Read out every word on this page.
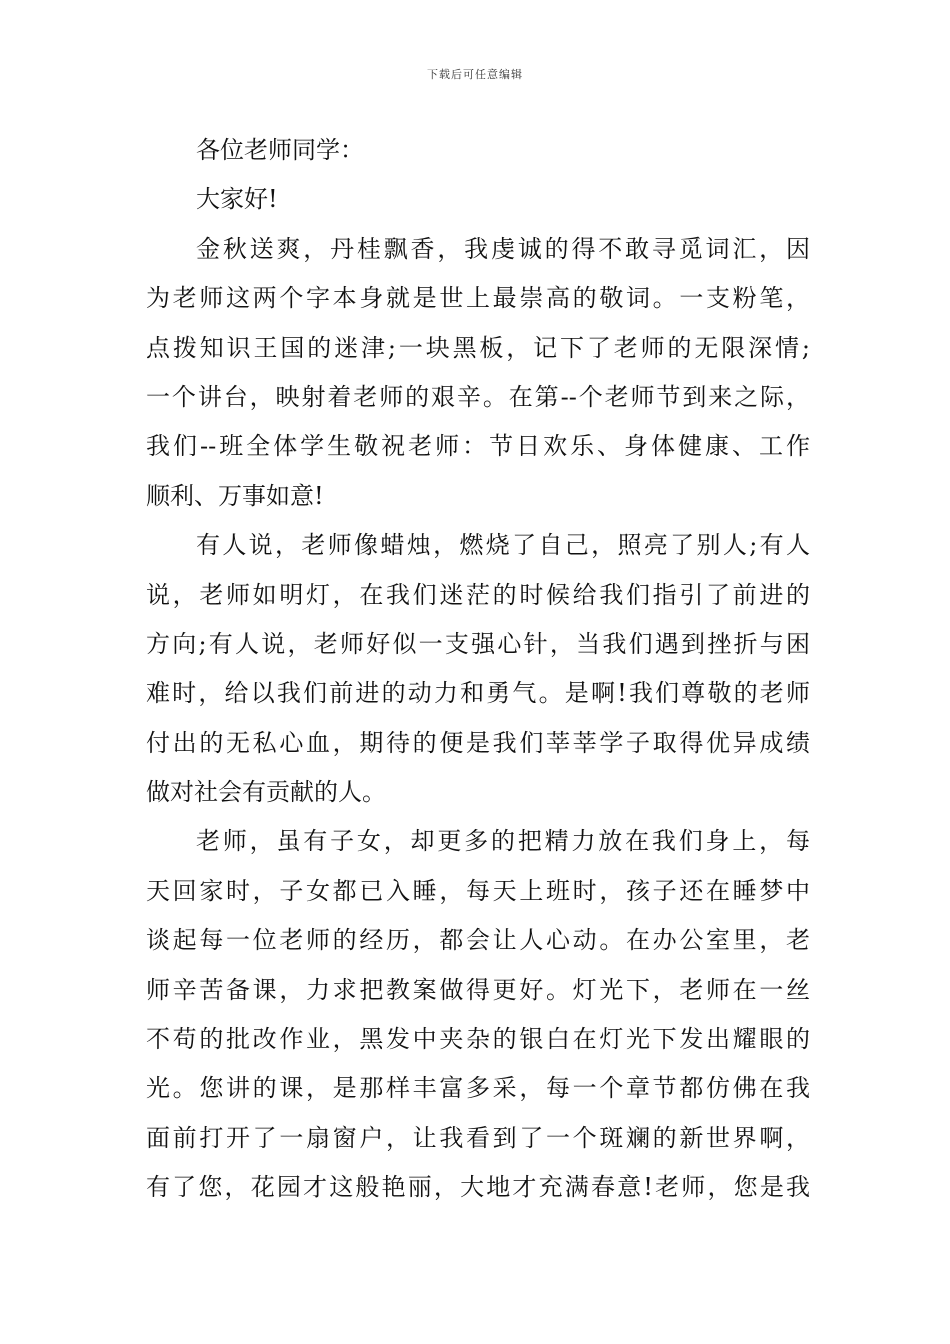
下载后可任意编辑
各位老师同学：
大家好!
金秋送爽，丹桂飘香，我虔诚的得不敢寻觅词汇，因
为老师这两个字本身就是世上最崇高的敬词。一支粉笔，
点拨知识王国的迷津;一块黑板，记下了老师的无限深情;
一个讲台，映射着老师的艰辛。在第--个老师节到来之际，
我们--班全体学生敬祝老师：节日欢乐、身体健康、工作
顺利、万事如意!
有人说，老师像蜡烛，燃烧了自己，照亮了别人;有人
说，老师如明灯，在我们迷茫的时候给我们指引了前进的
方向;有人说，老师好似一支强心针，当我们遇到挫折与困
难时，给以我们前进的动力和勇气。是啊!我们尊敬的老师
付出的无私心血，期待的便是我们莘莘学子取得优异成绩
做对社会有贡献的人。
老师，虽有子女，却更多的把精力放在我们身上，每
天回家时，子女都已入睡，每天上班时，孩子还在睡梦中
谈起每一位老师的经历，都会让人心动。在办公室里，老
师辛苦备课，力求把教案做得更好。灯光下，老师在一丝
不苟的批改作业，黑发中夹杂的银白在灯光下发出耀眼的
光。您讲的课，是那样丰富多采，每一个章节都仿佛在我
面前打开了一扇窗户，让我看到了一个斑斓的新世界啊，
有了您，花园才这般艳丽，大地才充满春意!老师，您是我
